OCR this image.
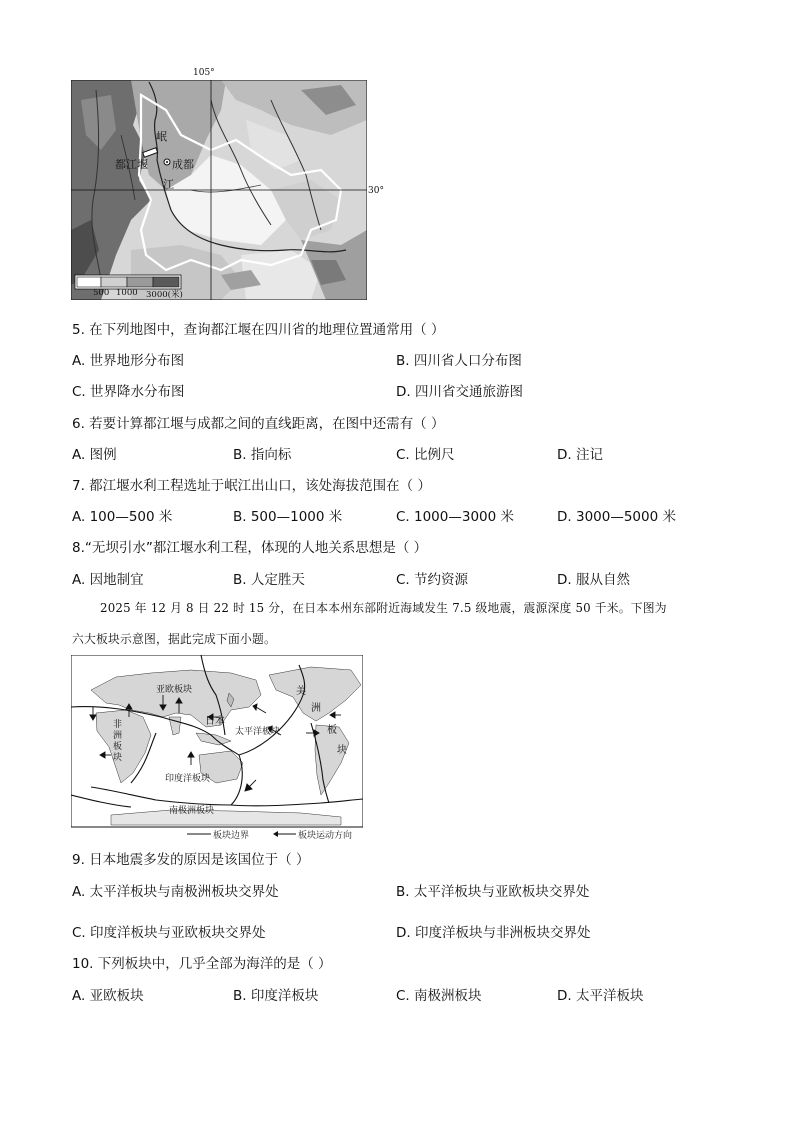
105°
都江堰 成都
岷
江
500 1000 3000(米)
30°
5. 在下列地图中，查询都江堰在四川省的地理位置通常用（ ）
A. 世界地形分布图	B. 四川省人口分布图
C. 世界降水分布图	D. 四川省交通旅游图
6. 若要计算都江堰与成都之间的直线距离，在图中还需有（ ）
A. 图例	B. 指向标	C. 比例尺	D. 注记
7. 都江堰水利工程选址于岷江出山口，该处海拔范围在（ ）
A. 100—500 米	B. 500—1000 米	C. 1000—3000 米	D. 3000—5000 米
8.“无坝引水”都江堰水利工程，体现的人地关系思想是（ ）
A. 因地制宜	B. 人定胜天	C. 节约资源	D. 服从自然
2025 年 12 月 8 日 22 时 15 分，在日本本州东部附近海域发生 7.5 级地震，震源深度 50 千米。下图为
六大板块示意图，据此完成下面小题。
亚欧板块
非
洲
板
块
日本
太平洋板块
印度洋板块
美
洲
板
块
南极洲板块
板块边界	板块运动方向
9. 日本地震多发的原因是该国位于（ ）
A. 太平洋板块与南极洲板块交界处	B. 太平洋板块与亚欧板块交界处
C. 印度洋板块与亚欧板块交界处	D. 印度洋板块与非洲板块交界处
10. 下列板块中，几乎全部为海洋的是（ ）
A. 亚欧板块	B. 印度洋板块	C. 南极洲板块	D. 太平洋板块
